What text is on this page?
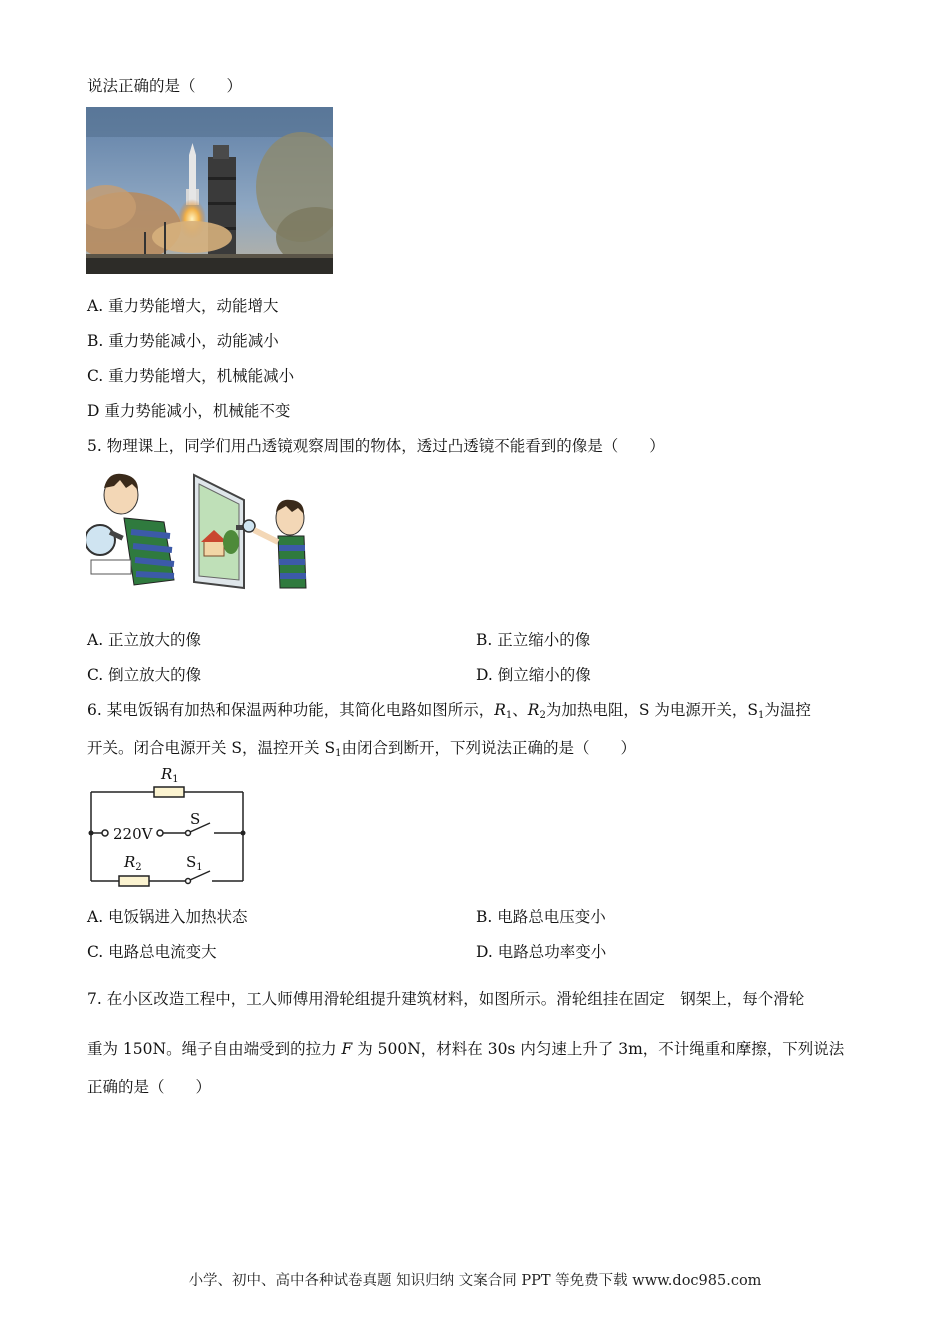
说法正确的是（　　）
A. 重力势能增大，动能增大
B. 重力势能减小，动能减小
C. 重力势能增大，机械能减小
D 重力势能减小，机械能不变
5. 物理课上，同学们用凸透镜观察周围的物体，透过凸透镜不能看到的像是（　　）
A. 正立放大的像	B. 正立缩小的像
C. 倒立放大的像	D. 倒立缩小的像
6. 某电饭锅有加热和保温两种功能，其简化电路如图所示，$R_1$、$R_2$为加热电阻，S 为电源开关，$S_1$为温控
开关。闭合电源开关 S，温控开关 $S_1$由闭合到断开，下列说法正确的是（　　）
$R_1$
220V
S
$R_2$	$S_1$
A. 电饭锅进入加热状态	B. 电路总电压变小
C. 电路总电流变大	D. 电路总功率变小
7. 在小区改造工程中，工人师傅用滑轮组提升建筑材料，如图所示。滑轮组挂在固定　钢架上，每个滑轮
重为 150N。绳子自由端受到的拉力 F 为 500N，材料在 30s 内匀速上升了 3m，不计绳重和摩擦，下列说法
正确的是（　　）
小学、初中、高中各种试卷真题 知识归纳 文案合同 PPT 等免费下载 www.doc985.com
